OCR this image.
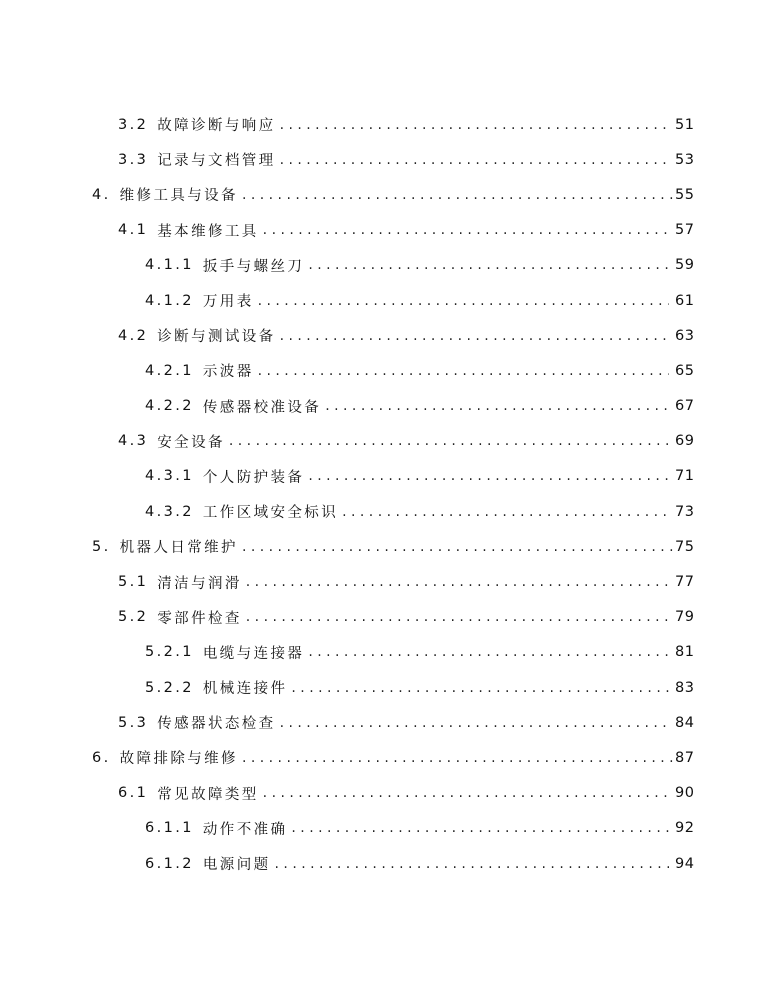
3.2 故障诊断与响应 . . .	51
3.3 记录与文档管理 . . .	53
4. 维修工具与设备 . . .	55
4.1 基本维修工具 . . .	57
4.1.1 扳手与螺丝刀 . . .	59
4.1.2 万用表 . . .	61
4.2 诊断与测试设备 . . .	63
4.2.1 示波器 . . .	65
4.2.2 传感器校准设备 . . .	67
4.3 安全设备 . . .	69
4.3.1 个人防护装备 . . .	71
4.3.2 工作区域安全标识 . . .	73
5. 机器人日常维护 . . .	75
5.1 清洁与润滑 . . .	77
5.2 零部件检查 . . .	79
5.2.1 电缆与连接器 . . .	81
5.2.2 机械连接件 . . .	83
5.3 传感器状态检查 . . .	84
6. 故障排除与维修 . . .	87
6.1 常见故障类型 . . .	90
6.1.1 动作不准确 . . .	92
6.1.2 电源问题 . . .	94
